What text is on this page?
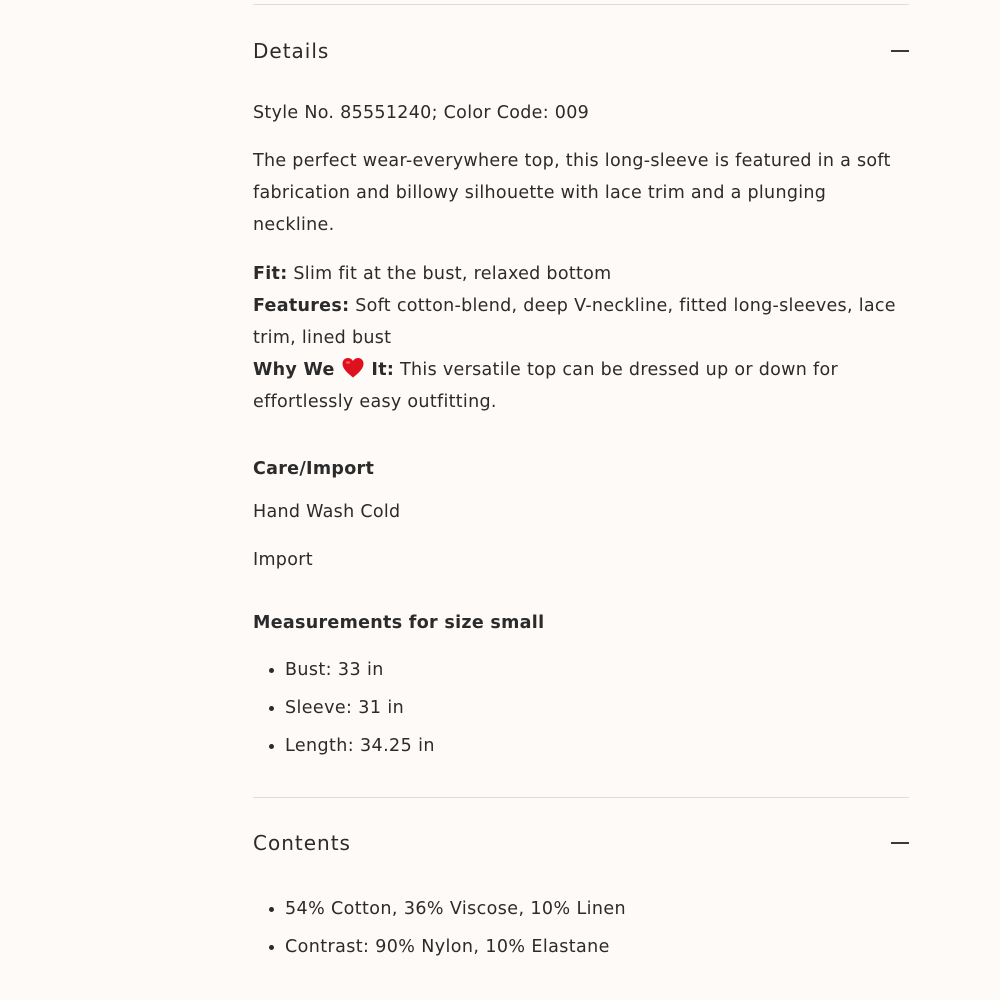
Details

Style No. 85551240; Color Code: 009

The perfect wear-everywhere top, this long-sleeve is featured in a soft fabrication and billowy silhouette with lace trim and a plunging neckline.

Fit: Slim fit at the bust, relaxed bottom

Features: Soft cotton-blend, deep V-neckline, fitted long-sleeves, lace trim, lined bust

Why We  It: This versatile top can be dressed up or down for effortlessly easy outfitting.

Care/Import

Hand Wash Cold

Import

Measurements for size small

Bust: 33 in
Sleeve: 31 in
Length: 34.25 in
Contents
54% Cotton, 36% Viscose, 10% Linen
Contrast: 90% Nylon, 10% Elastane
